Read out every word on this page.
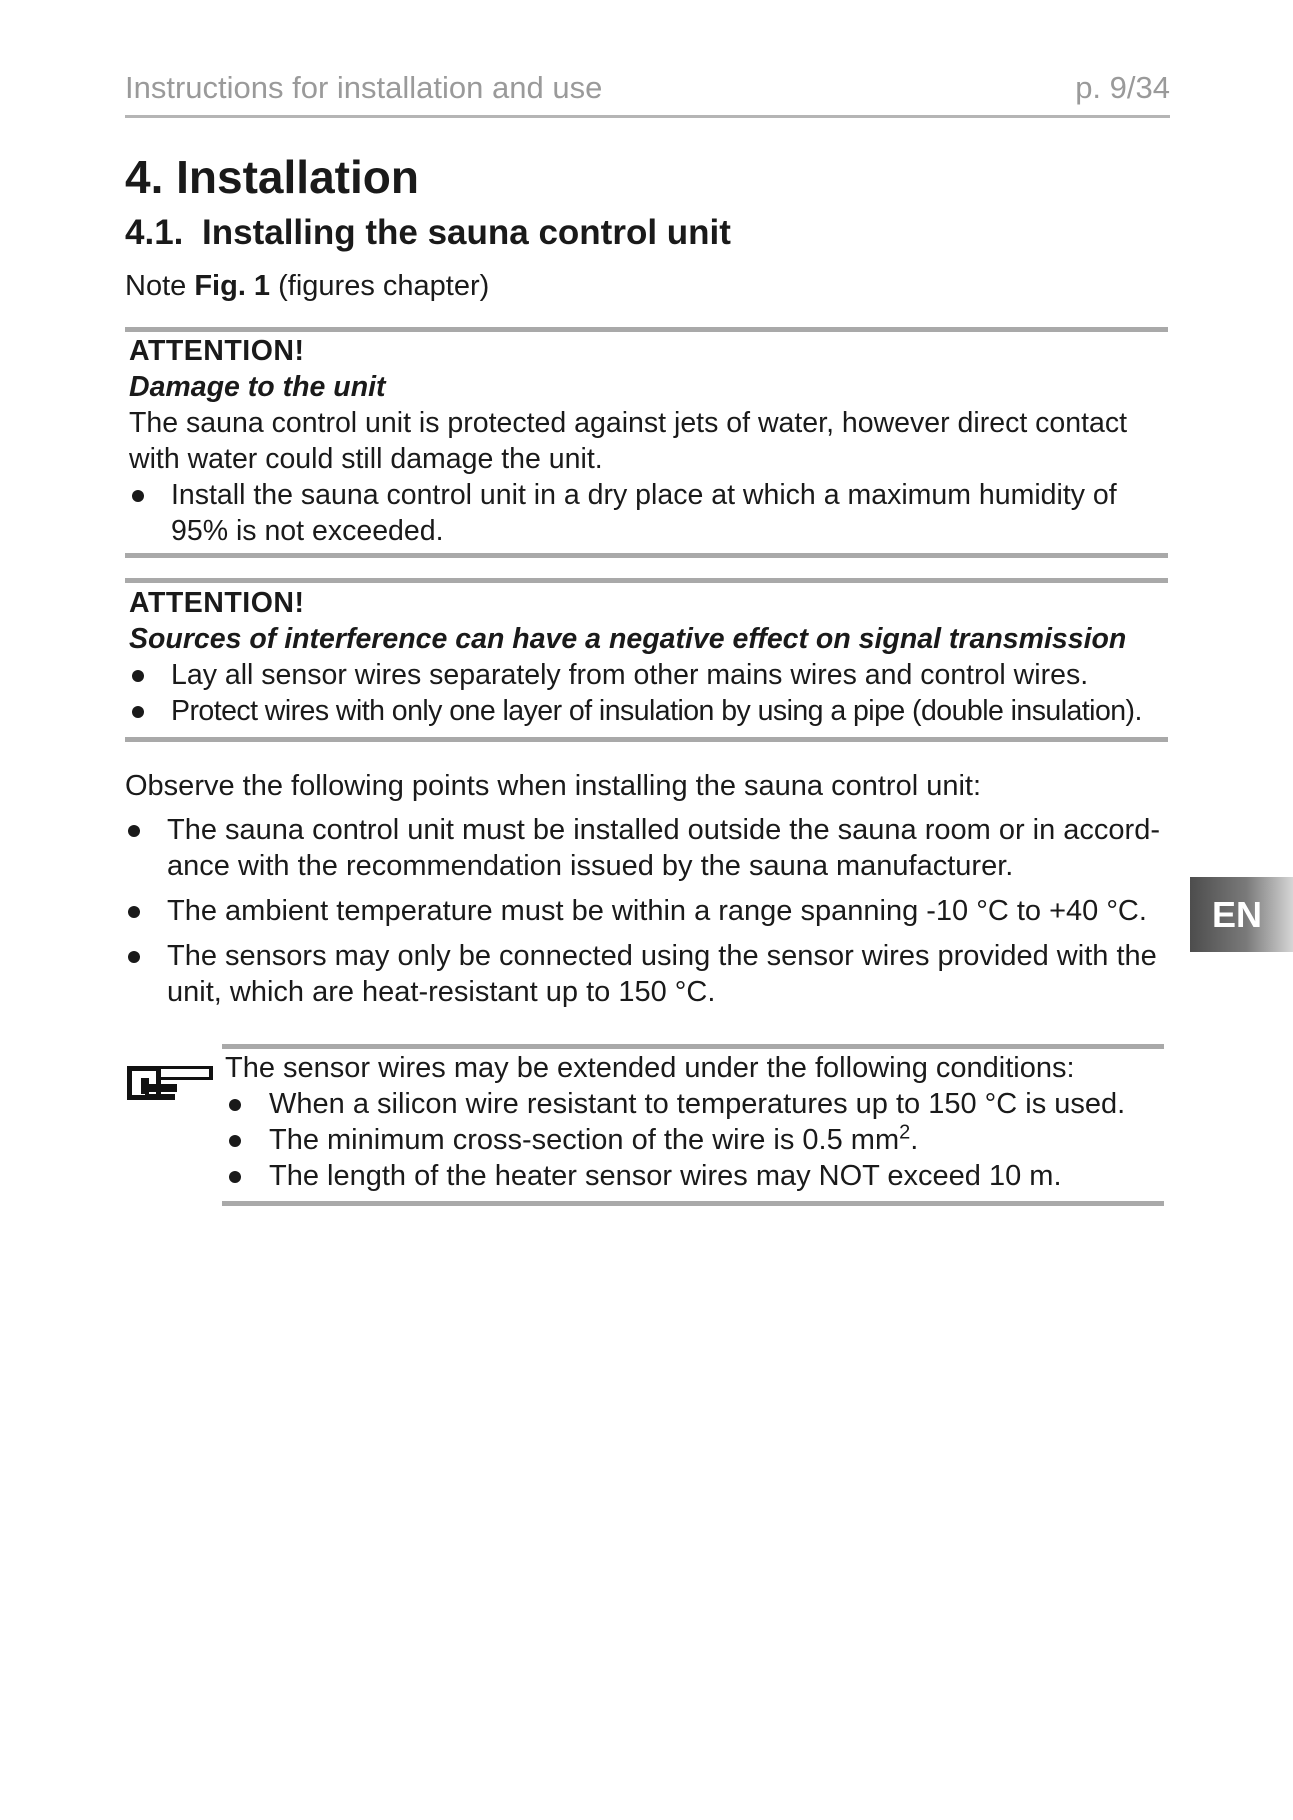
Instructions for installation and use	p. 9/34
4. Installation
4.1. Installing the sauna control unit
Note Fig. 1 (figures chapter)
ATTENTION!
Damage to the unit

The sauna control unit is protected against jets of water, however direct contact with water could still damage the unit.

Install the sauna control unit in a dry place at which a maximum humidity of 95% is not exceeded.
ATTENTION!
Sources of interference can have a negative effect on signal transmission
Lay all sensor wires separately from other mains wires and control wires.
Protect wires with only one layer of insulation by using a pipe (double insulation).

Observe the following points when installing the sauna control unit:

The sauna control unit must be installed outside the sauna room or in accord-ance with the recommendation issued by the sauna manufacturer.
The ambient temperature must be within a range spanning -10 °C to +40 °C.
The sensors may only be connected using the sensor wires provided with the unit, which are heat-resistant up to 150 °C.
EN

The sensor wires may be extended under the following conditions:

When a silicon wire resistant to temperatures up to 150 °C is used.
The minimum cross-section of the wire is 0.5 $mm^2$.
The length of the heater sensor wires may NOT exceed 10 m.
